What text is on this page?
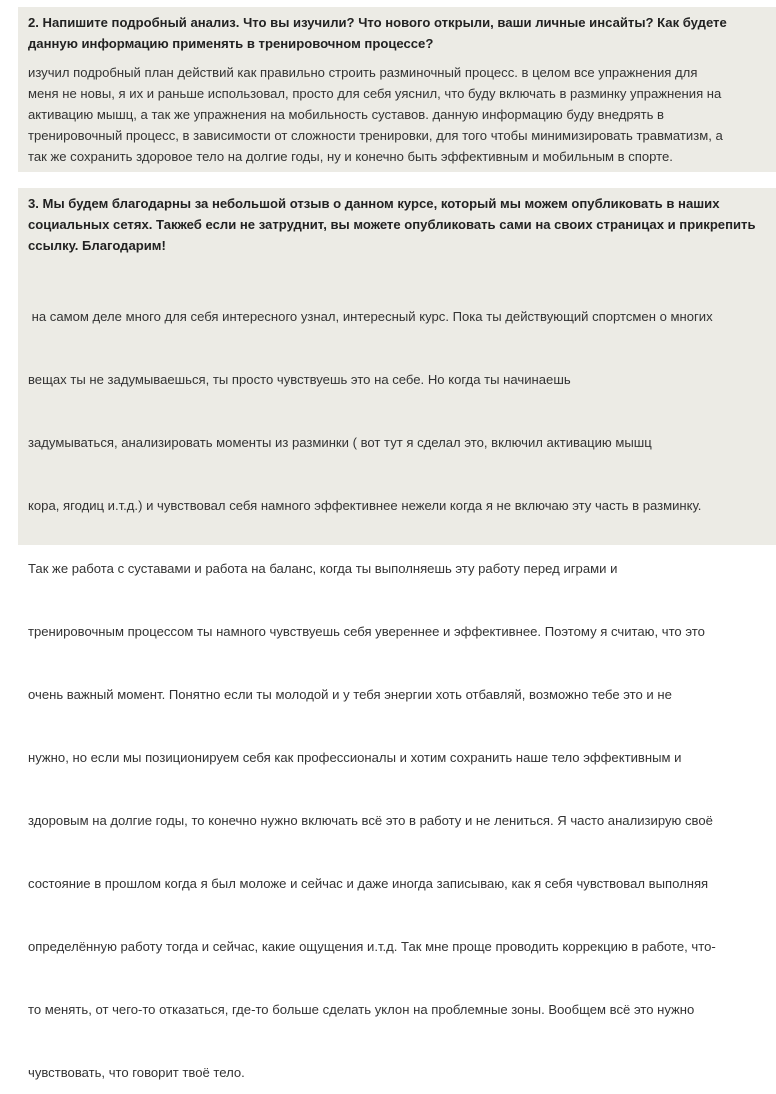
2. Напишите подробный анализ. Что вы изучили? Что нового открыли, ваши личные инсайты? Как будете
данную информацию применять в тренировочном процессе?

изучил подробный план действий как правильно строить разминочный процесс. в целом все упражнения для
меня не новы, я их и раньше использовал, просто для себя уяснил, что буду включать в разминку упражнения на
активацию мышц, а так же упражнения на мобильность суставов. данную информацию буду внедрять в
тренировочный процесс, в зависимости от сложности тренировки, для того чтобы минимизировать травматизм, а
так же сохранить здоровое тело на долгие годы, ну и конечно быть эффективным и мобильным в спорте.

3. Мы будем благодарны за небольшой отзыв о данном курсе, который мы можем опубликовать в наших
социальных сетях. Такжеб если не затруднит, вы можете опубликовать сами на своих страницах и прикрепить
ссылку. Благодарим!

на самом деле много для себя интересного узнал, интересный курс. Пока ты действующий спортсмен о многих

вещах ты не задумываешься, ты просто чувствуешь это на себе. Но когда ты начинаешь

задумываться, анализировать моменты из разминки ( вот тут я сделал это, включил активацию мышц

кора, ягодиц и.т.д.) и чувствовал себя намного эффективнее нежели когда я не включаю эту часть в разминку.

Так же работа с суставами и работа на баланс, когда ты выполняешь эту работу перед играми и

тренировочным процессом ты намного чувствуешь себя увереннее и эффективнее. Поэтому я считаю, что это

очень важный момент. Понятно если ты молодой и у тебя энергии хоть отбавляй, возможно тебе это и не

нужно, но если мы позиционируем себя как профессионалы и хотим сохранить наше тело эффективным и

здоровым на долгие годы, то конечно нужно включать всё это в работу и не лениться. Я часто анализирую своё

состояние в прошлом когда я был моложе и сейчас и даже иногда записываю, как я себя чувствовал выполняя

определённую работу тогда и сейчас, какие ощущения и.т.д. Так мне проще проводить коррекцию в работе, что-

то менять, от чего-то отказаться, где-то больше сделать уклон на проблемные зоны. Вообщем всё это нужно

чувствовать, что говорит твоё тело.
